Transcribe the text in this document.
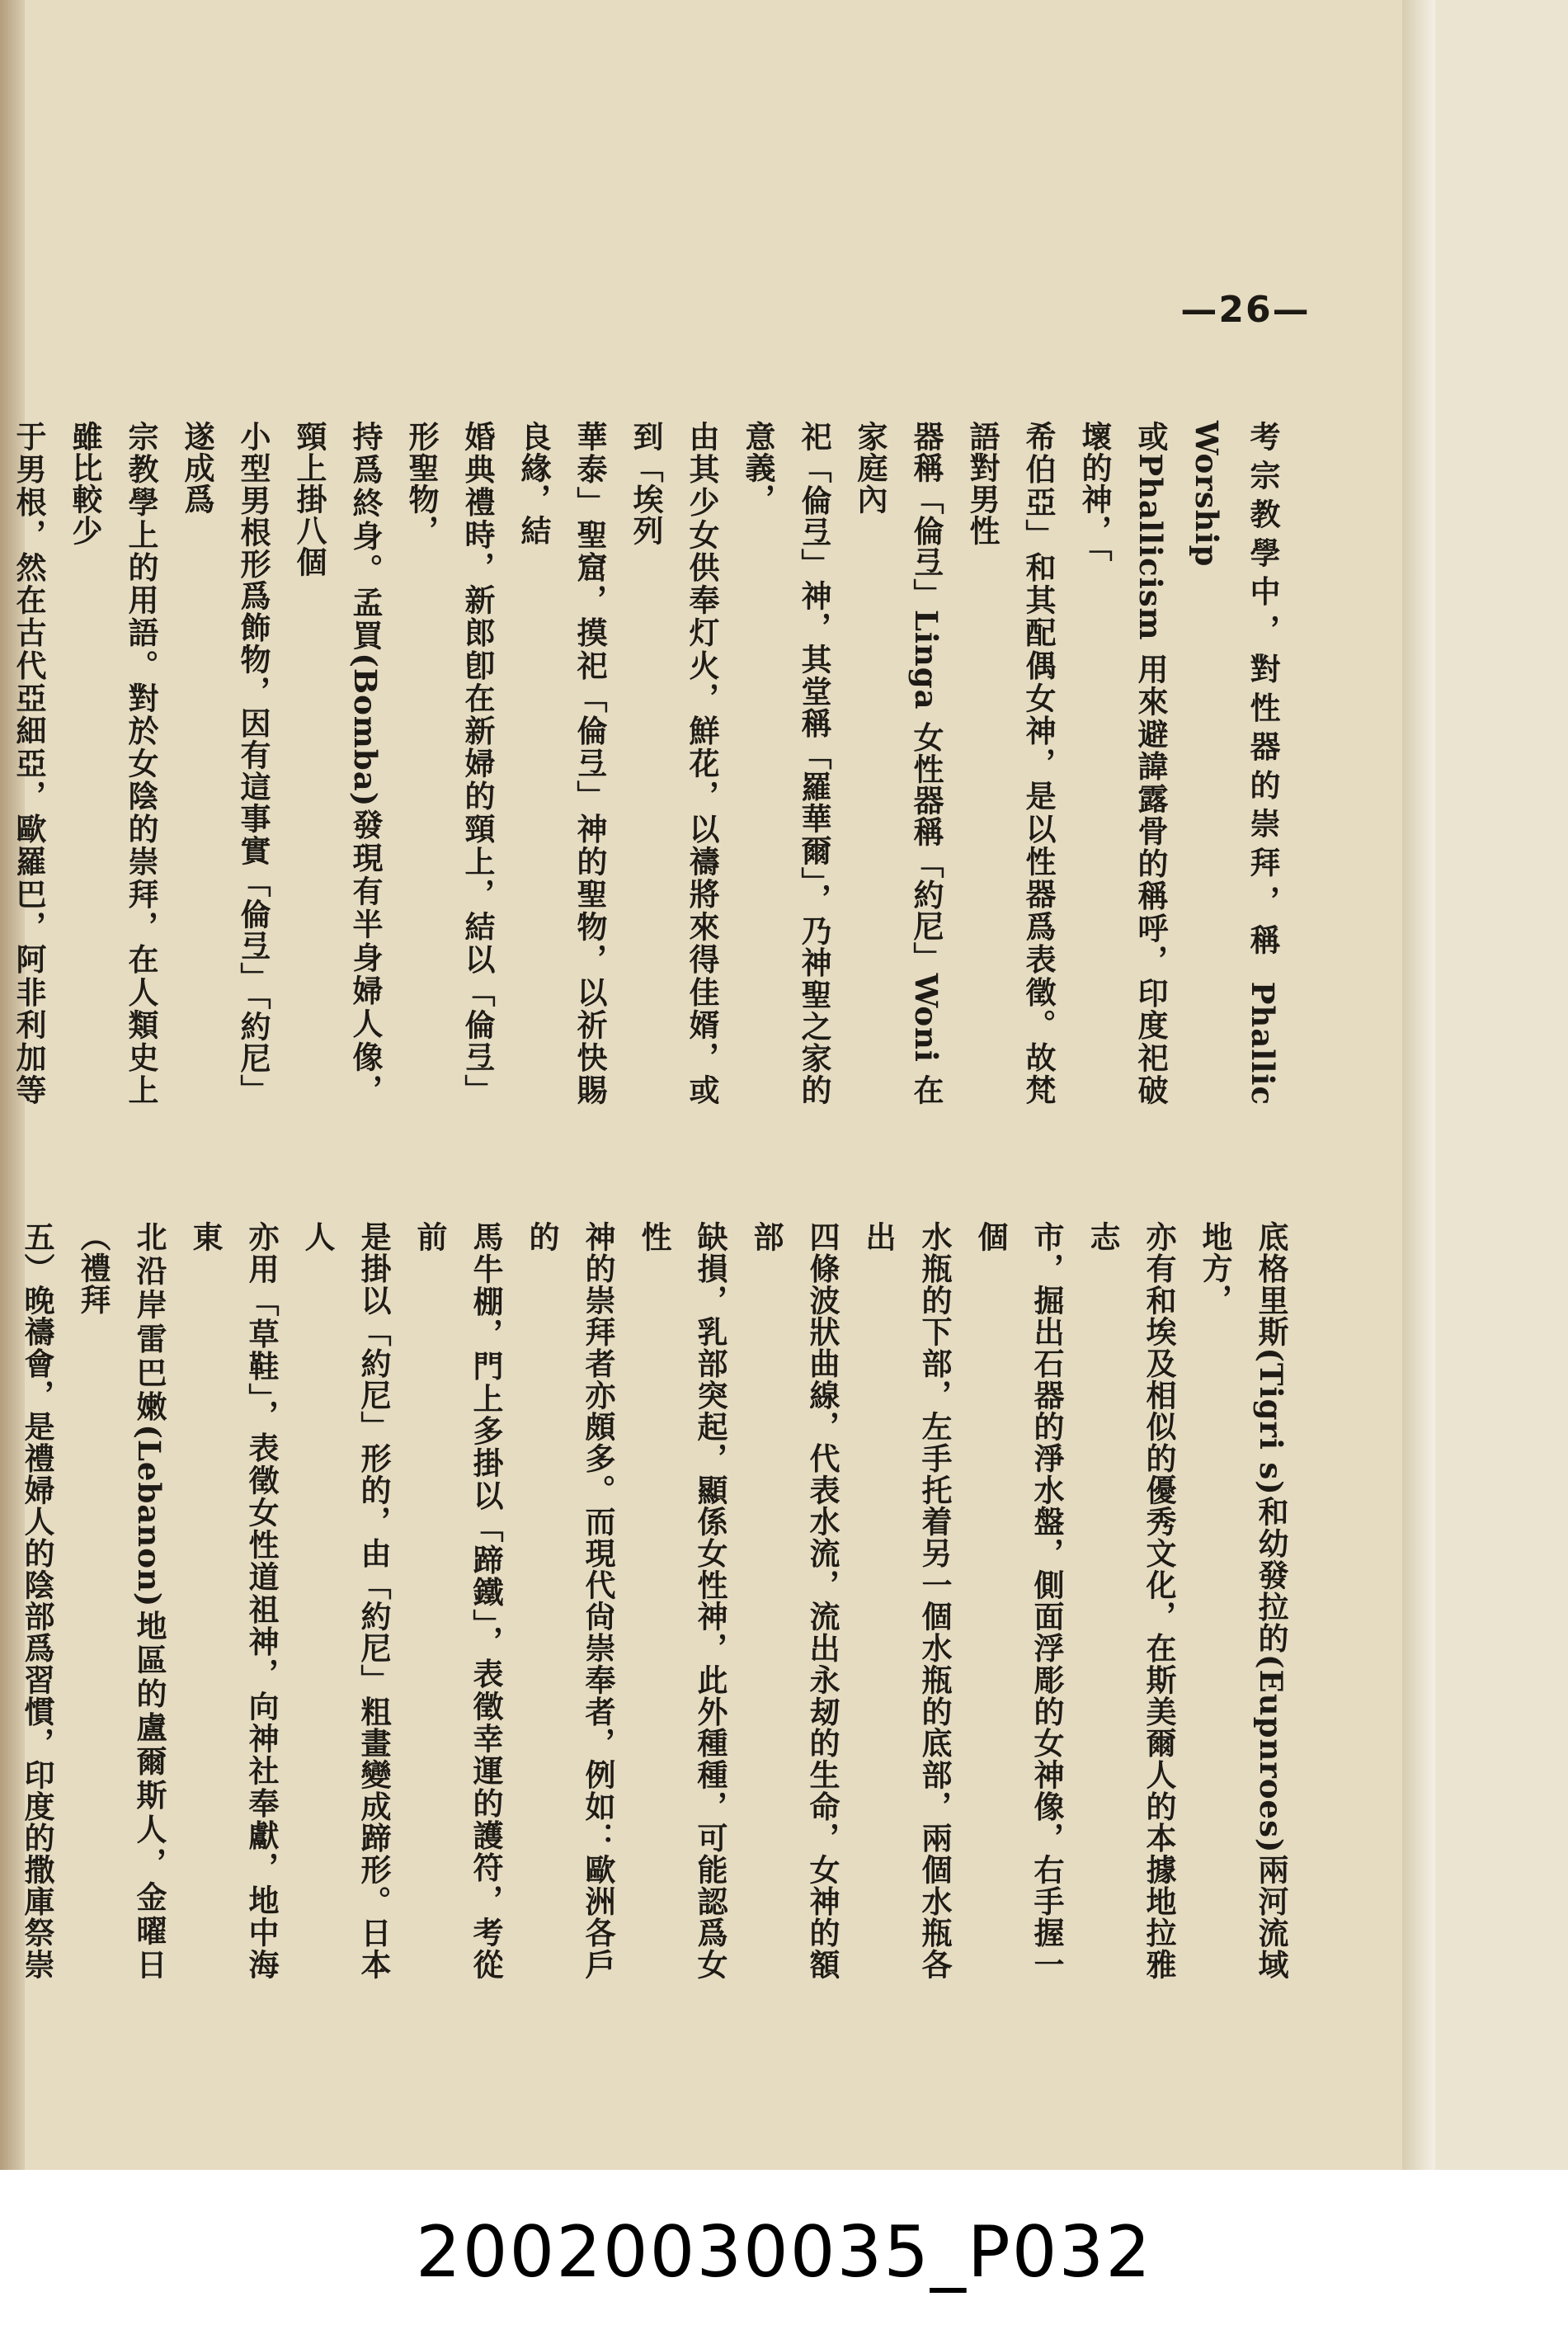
—26—

考宗教學中，對性器的崇拜，稱 Phallic Worship

或Phallicism 用來避諱露骨的稱呼，印度祀破壞的神，「

希伯亞」和其配偶女神，是以性器爲表徵。故梵語對男性

器稱「倫弖」Linga 女性器稱「約尼」Woni 在家庭內

祀「倫弖」神，其堂稱「羅華爾」，乃神聖之家的意義，

由其少女供奉灯火，鮮花，以禱將來得佳婿，或到「埃列

華泰」聖窟，摸祀「倫弖」神的聖物，以祈快賜良緣，結

婚典禮時，新郎卽在新婦的頸上，結以「倫弖」形聖物，

持爲終身。孟買(Bomba)發現有半身婦人像，頸上掛八個

小型男根形爲飾物，因有這事實「倫弖」「約尼」遂成爲

宗教學上的用語。對於女陰的崇拜，在人類史上雖比較少

于男根，然在古代亞細亞，歐羅巴，阿非利加等

底格里斯(Tigri s)和幼發拉的(Eupnroes)兩河流域地方，

亦有和埃及相似的優秀文化，在斯美爾人的本據地拉雅志

市，掘出石器的淨水盤，側面浮彫的女神像，右手握一個

水瓶的下部，左手托着另一個水瓶的底部，兩個水瓶各出

四條波狀曲線，代表水流，流出永刼的生命，女神的額部

缺損，乳部突起，顯係女性神，此外種種，可能認爲女性

神的崇拜者亦頗多。而現代尙崇奉者，例如：歐洲各戶的

馬牛棚，門上多掛以「蹄鐵」，表徵幸運的護符，考從前

是掛以「約尼」形的，由「約尼」粗畫變成蹄形。日本人

亦用「草鞋」，表徵女性道祖神，向神社奉獻，地中海東

北沿岸雷巴嫩(Lebanon)地區的盧爾斯人，金曜日（禮拜

五）晚禱會，是禮婦人的陰部爲習慣，印度的撒庫祭崇

20020030035_P032
